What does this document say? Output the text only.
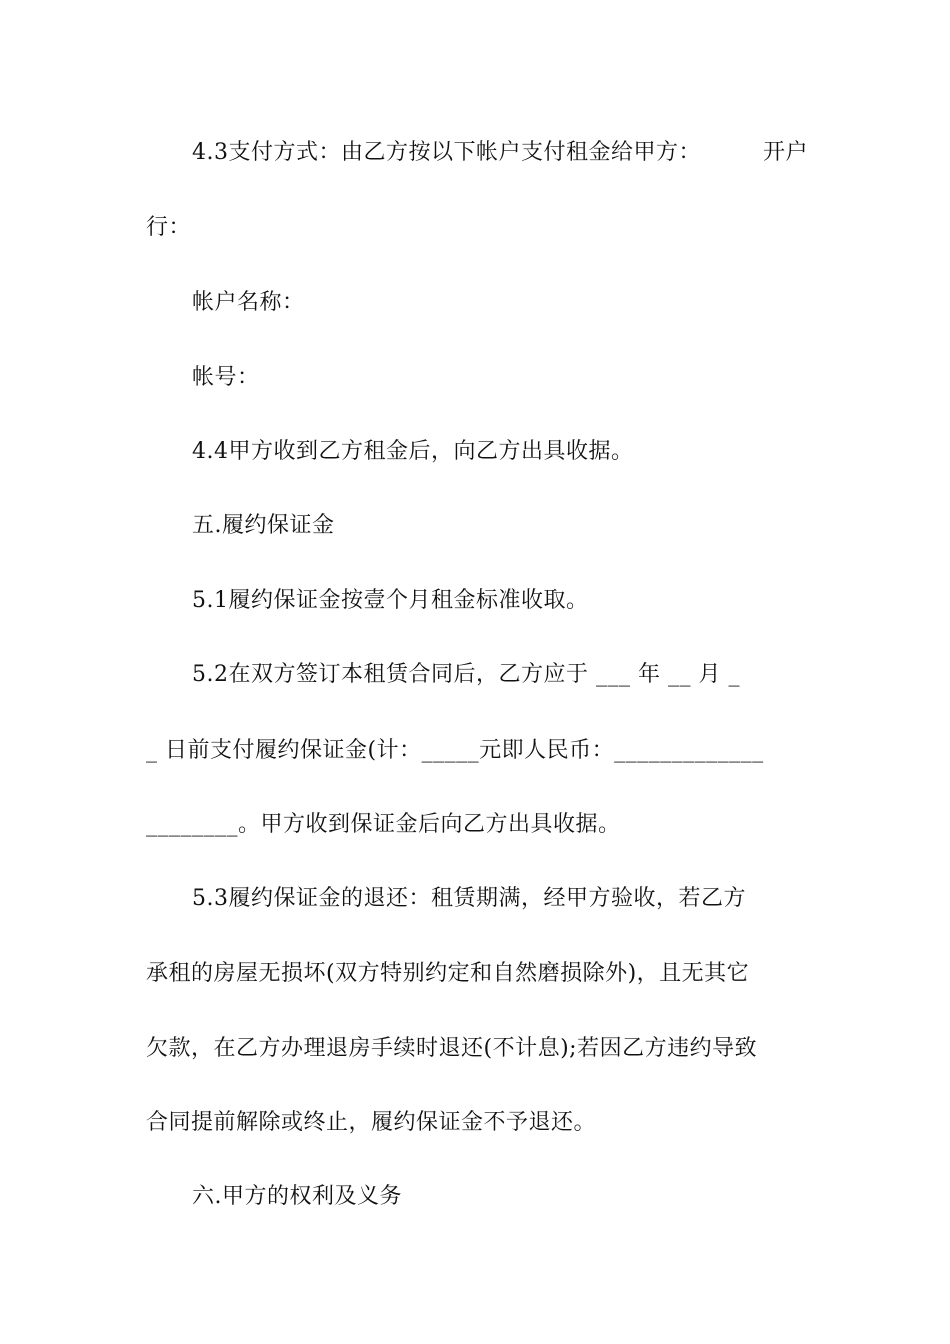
4.3支付方式：由乙方按以下帐户支付租金给甲方：	开户
行：
帐户名称：
帐号：
4.4甲方收到乙方租金后，向乙方出具收据。
五.履约保证金
5.1履约保证金按壹个月租金标准收取。
5.2在双方签订本租赁合同后，乙方应于 ___ 年 __ 月 _
_ 日前支付履约保证金(计：_____元即人民币：_____________
________。甲方收到保证金后向乙方出具收据。
5.3履约保证金的退还：租赁期满，经甲方验收，若乙方
承租的房屋无损坏(双方特别约定和自然磨损除外)，且无其它
欠款，在乙方办理退房手续时退还(不计息);若因乙方违约导致
合同提前解除或终止，履约保证金不予退还。
六.甲方的权利及义务
